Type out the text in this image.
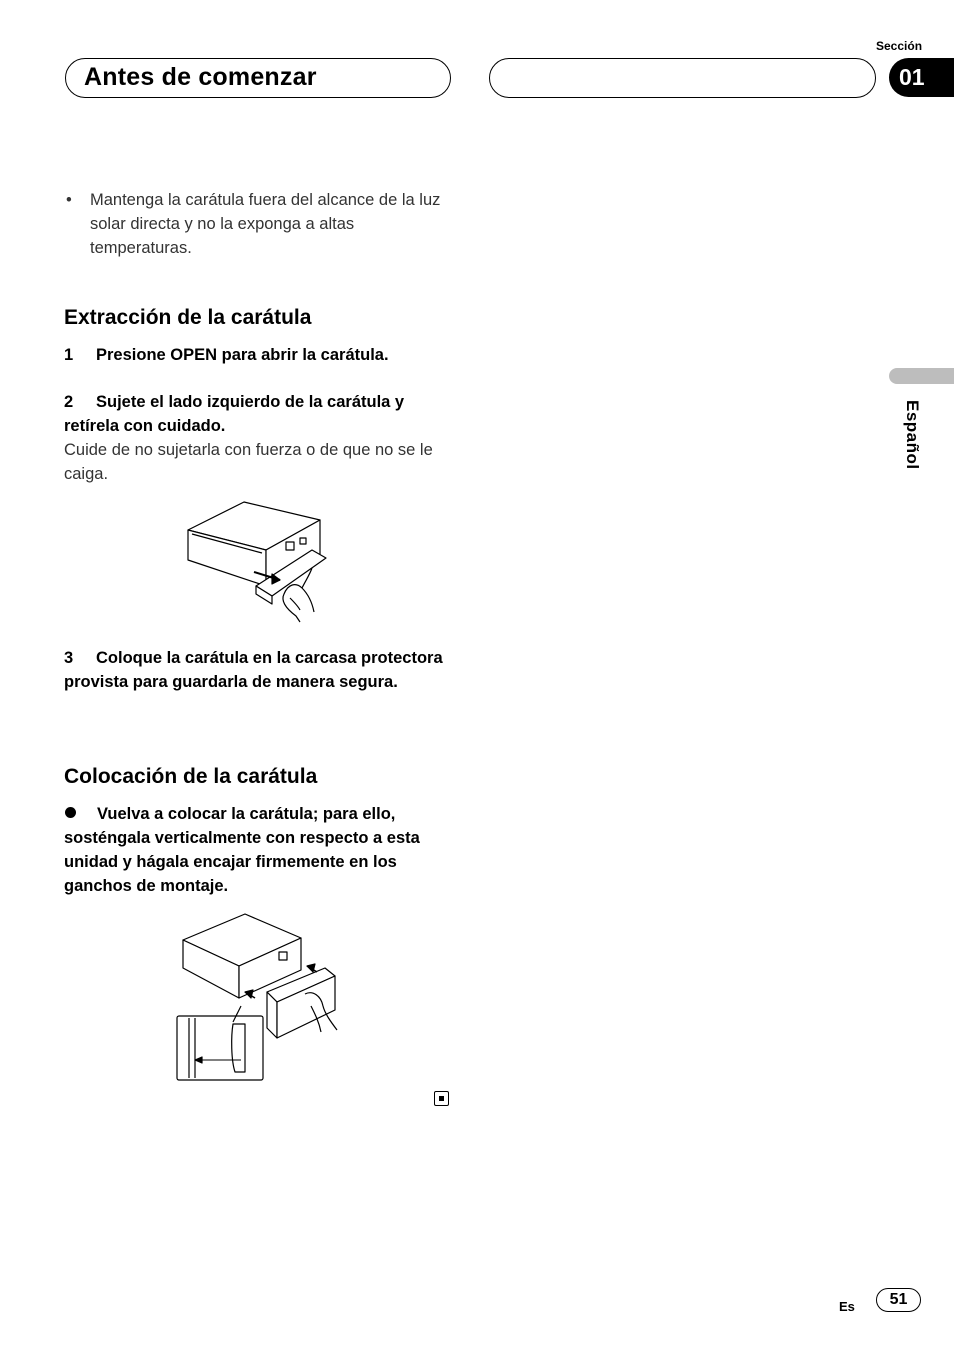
Antes de comenzar
Sección
01
Español
•	Mantenga la carátula fuera del alcance de la luz solar directa y no la exponga a altas temperaturas.
Extracción de la carátula
1 Presione OPEN para abrir la carátula.
2 Sujete el lado izquierdo de la carátula y retírela con cuidado.
Cuide de no sujetarla con fuerza o de que no se le caiga.
3 Coloque la carátula en la carcasa protectora provista para guardarla de manera segura.
Colocación de la carátula
Vuelva a colocar la carátula; para ello, sosténgala verticalmente con respecto a esta unidad y hágala encajar firmemente en los ganchos de montaje.
Es	51
